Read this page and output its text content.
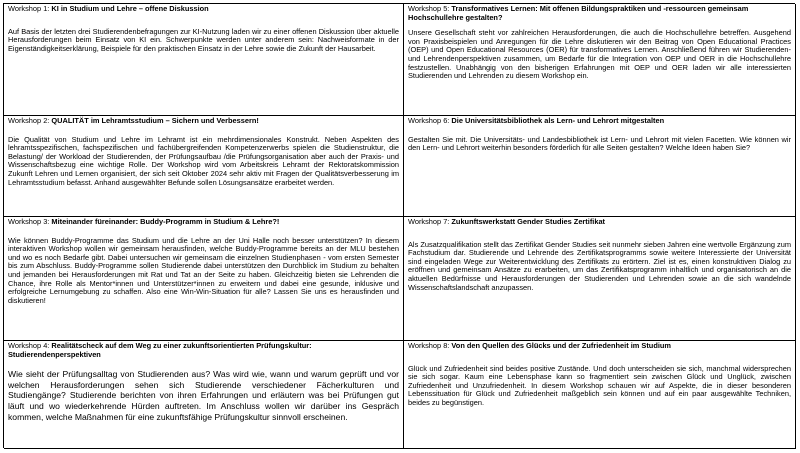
Workshop 1: KI in Studium und Lehre – offene Diskussion

Auf Basis der letzten drei Studierendenbefragungen zur KI-Nutzung laden wir zu einer offenen Diskussion über aktuelle Herausforderungen beim Einsatz von KI ein. Schwerpunkte werden unter anderem sein: Nachweisformate in der Eigenständigkeitserklärung, Beispiele für den praktischen Einsatz in der Lehre sowie die Zukunft der Hausarbeit.

Workshop 5: Transformatives Lernen: Mit offenen Bildungspraktiken und -ressourcen gemeinsam Hochschullehre gestalten?

Unsere Gesellschaft steht vor zahlreichen Herausforderungen, die auch die Hochschullehre betreffen. Ausgehend von Praxisbeispielen und Anregungen für die Lehre diskutieren wir den Beitrag von Open Educational Practices (OEP) und Open Educational Resources (OER) für transformatives Lernen. Anschließend führen wir Studierenden- und Lehrendenperspektiven zusammen, um Bedarfe für die Integration von OEP und OER in die Hochschullehre festzustellen. Unabhängig von den bisherigen Erfahrungen mit OEP und OER laden wir alle interessierten Studierenden und Lehrenden zu diesem Workshop ein.

Workshop 2: QUALITÄT im Lehramtsstudium – Sichern und Verbessern!

Die Qualität von Studium und Lehre im Lehramt ist ein mehrdimensionales Konstrukt. Neben Aspekten des lehramtsspezifischen, fachspezifischen und fachübergreifenden Kompetenzerwerbs spielen die Studienstruktur, die Belastung/ der Workload der Studierenden, der Prüfungsaufbau /die Prüfungsorganisation aber auch der Praxis- und Wissenschaftsbezug eine wichtige Rolle. Der Workshop wird vom Arbeitskreis Lehramt der Rektoratskommission Zukunft Lehren und Lernen organisiert, der sich seit Oktober 2024 sehr aktiv mit Fragen der Qualitätsverbesserung im Lehramtsstudium befasst. Anhand ausgewählter Befunde sollen Lösungsansätze erarbeitet werden.

Workshop 6: Die Universitätsbibliothek als Lern- und Lehrort mitgestalten

Gestalten Sie mit. Die Universitäts- und Landesbibliothek ist Lern- und Lehrort mit vielen Facetten. Wie können wir den Lern- und Lehrort weiterhin besonders förderlich für alle Seiten gestalten? Welche Ideen haben Sie?

Workshop 3: Miteinander füreinander: Buddy-Programm in Studium & Lehre?!

Wie können Buddy-Programme das Studium und die Lehre an der Uni Halle noch besser unterstützen? In diesem interaktiven Workshop wollen wir gemeinsam herausfinden, welche Buddy-Programme bereits an der MLU bestehen und wo es noch Bedarfe gibt. Dabei untersuchen wir gemeinsam die einzelnen Studienphasen - vom ersten Semester bis zum Abschluss. Buddy-Programme sollen Studierende dabei unterstützen den Durchblick im Studium zu behalten und jemanden bei Herausforderungen mit Rat und Tat an der Seite zu haben. Gleichzeitig bieten sie Lehrenden die Chance, ihre Rolle als Mentor*innen und Unterstützer*innen zu erweitern und dabei eine gesunde, inklusive und erfolgreiche Lernumgebung zu schaffen. Also eine Win-Win-Situation für alle? Lassen Sie uns es herausfinden und diskutieren!

Workshop 7: Zukunftswerkstatt Gender Studies Zertifikat

Als Zusatzqualifikation stellt das Zertifikat Gender Studies seit nunmehr sieben Jahren eine wertvolle Ergänzung zum Fachstudium dar. Studierende und Lehrende des Zertifikatsprogramms sowie weitere Interessierte der Universität sind eingeladen Wege zur Weiterentwicklung des Zertifikats zu erörtern. Ziel ist es, einen konstruktiven Dialog zu eröffnen und gemeinsam Ansätze zu erarbeiten, um das Zertifikatsprogramm inhaltlich und organisatorisch an die aktuellen Bedürfnisse und Herausforderungen der Studierenden und Lehrenden sowie an die sich wandelnde Wissenschaftslandschaft anzupassen.

Workshop 4: Realitätscheck auf dem Weg zu einer zukunftsorientierten Prüfungskultur: Studierendenperspektiven

Wie sieht der Prüfungsalltag von Studierenden aus? Was wird wie, wann und warum geprüft und vor welchen Herausforderungen sehen sich Studierende verschiedener Fächerkulturen und Studiengänge? Studierende berichten von ihren Erfahrungen und erläutern was bei Prüfungen gut läuft und wo wiederkehrende Hürden auftreten. Im Anschluss wollen wir darüber ins Gespräch kommen, welche Maßnahmen für eine zukunftsfähige Prüfungskultur sinnvoll erscheinen.

Workshop 8: Von den Quellen des Glücks und der Zufriedenheit im Studium

Glück und Zufriedenheit sind beides positive Zustände. Und doch unterscheiden sie sich, manchmal widersprechen sie sich sogar. Kaum eine Lebensphase kann so fragmentiert sein zwischen Glück und Unglück, zwischen Zufriedenheit und Unzufriedenheit. In diesem Workshop schauen wir auf Aspekte, die in dieser besonderen Lebenssituation für Glück und Zufriedenheit maßgeblich sein können und auf ein paar ausgewählte Techniken, beides zu begünstigen.
